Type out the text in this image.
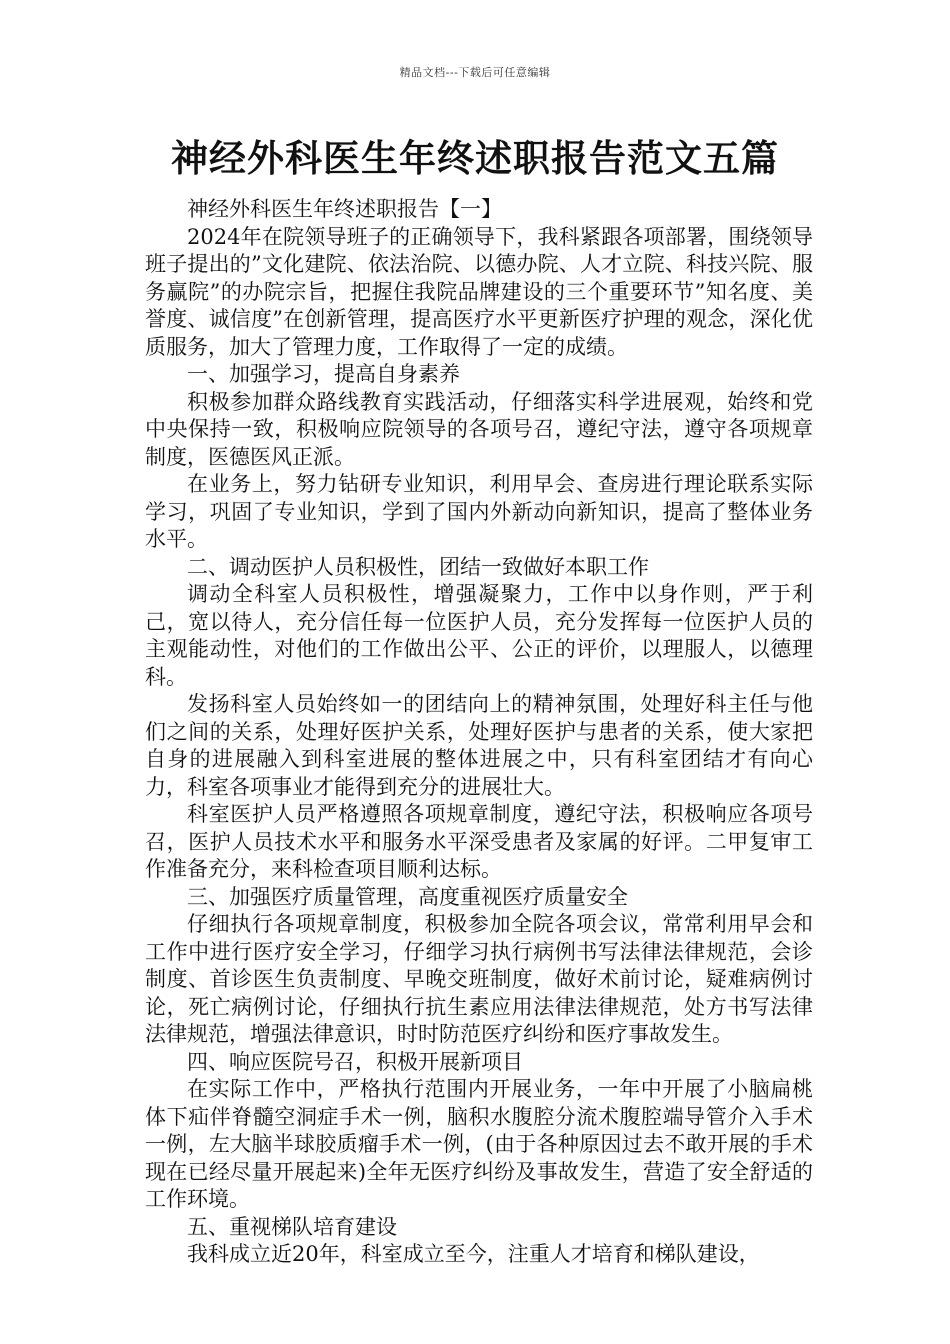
精品文档---下载后可任意编辑
神经外科医生年终述职报告范文五篇

神经外科医生年终述职报告【一】

2024年在院领导班子的正确领导下，我科紧跟各项部署，围绕领导班子提出的”文化建院、依法治院、以德办院、人才立院、科技兴院、服务赢院”的办院宗旨，把握住我院品牌建设的三个重要环节”知名度、美誉度、诚信度”在创新管理，提高医疗水平更新医疗护理的观念，深化优质服务，加大了管理力度，工作取得了一定的成绩。

一、加强学习，提高自身素养

积极参加群众路线教育实践活动，仔细落实科学进展观，始终和党中央保持一致，积极响应院领导的各项号召，遵纪守法，遵守各项规章制度，医德医风正派。

在业务上，努力钻研专业知识，利用早会、查房进行理论联系实际学习，巩固了专业知识，学到了国内外新动向新知识，提高了整体业务水平。

二、调动医护人员积极性，团结一致做好本职工作

调动全科室人员积极性，增强凝聚力，工作中以身作则，严于利己，宽以待人，充分信任每一位医护人员，充分发挥每一位医护人员的主观能动性，对他们的工作做出公平、公正的评价，以理服人，以德理科。

发扬科室人员始终如一的团结向上的精神氛围，处理好科主任与他们之间的关系，处理好医护关系，处理好医护与患者的关系，使大家把自身的进展融入到科室进展的整体进展之中，只有科室团结才有向心力，科室各项事业才能得到充分的进展壮大。

科室医护人员严格遵照各项规章制度，遵纪守法，积极响应各项号召，医护人员技术水平和服务水平深受患者及家属的好评。二甲复审工作准备充分，来科检查项目顺利达标。

三、加强医疗质量管理，高度重视医疗质量安全

仔细执行各项规章制度，积极参加全院各项会议，常常利用早会和工作中进行医疗安全学习，仔细学习执行病例书写法律法律规范，会诊制度、首诊医生负责制度、早晚交班制度，做好术前讨论，疑难病例讨论，死亡病例讨论，仔细执行抗生素应用法律法律规范，处方书写法律法律规范，增强法律意识，时时防范医疗纠纷和医疗事故发生。

四、响应医院号召，积极开展新项目

在实际工作中，严格执行范围内开展业务，一年中开展了小脑扁桃体下疝伴脊髓空洞症手术一例，脑积水腹腔分流术腹腔端导管介入手术一例，左大脑半球胶质瘤手术一例，(由于各种原因过去不敢开展的手术现在已经尽量开展起来)全年无医疗纠纷及事故发生，营造了安全舒适的工作环境。

五、重视梯队培育建设

我科成立近20年，科室成立至今，注重人才培育和梯队建设，
